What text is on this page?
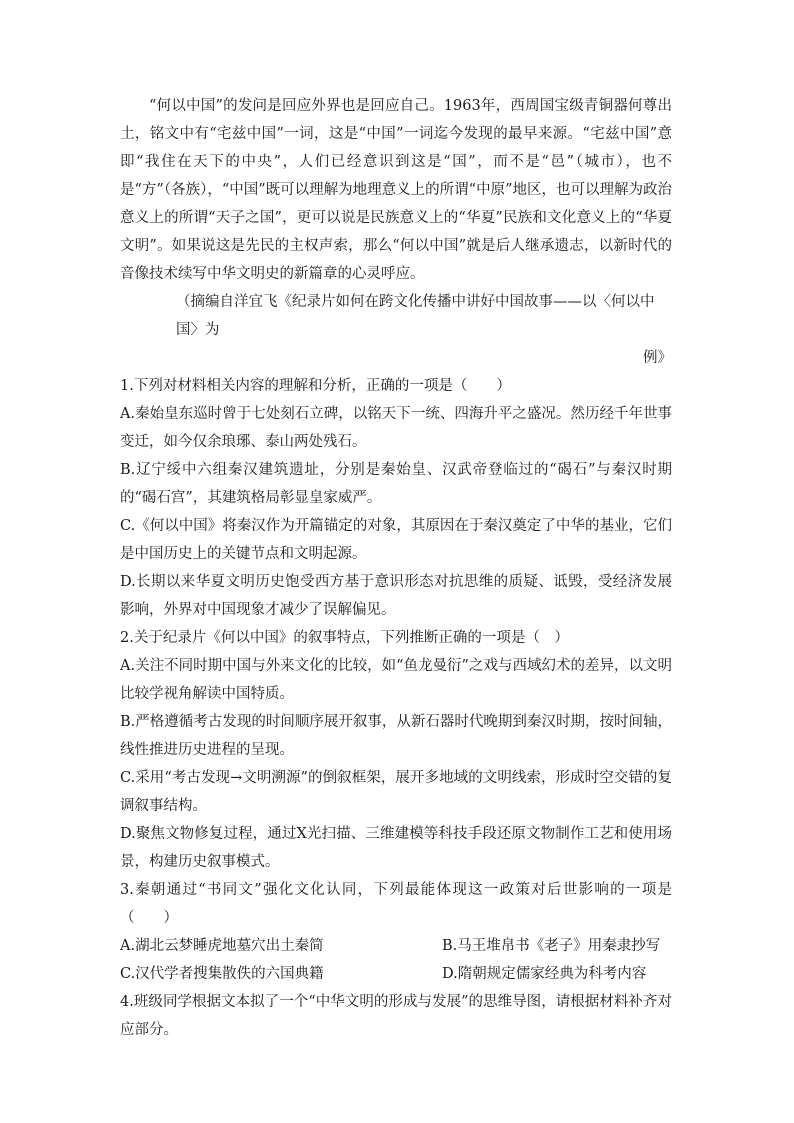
“何以中国”的发问是回应外界也是回应自己。1963年，西周国宝级青铜器何尊出土，铭文中有“宅兹中国”一词，这是“中国”一词迄今发现的最早来源。“宅兹中国”意即“我住在天下的中央”，人们已经意识到这是“国”，而不是“邑”（城市），也不是“方”（各族），“中国”既可以理解为地理意义上的所谓“中原”地区，也可以理解为政治意义上的所谓“天子之国”，更可以说是民族意义上的“华夏”民族和文化意义上的“华夏文明”。如果说这是先民的主权声索，那么“何以中国”就是后人继承遗志，以新时代的音像技术续写中华文明史的新篇章的心灵呼应。

（摘编自洋宜飞《纪录片如何在跨文化传播中讲好中国故事——以〈何以中国〉为
例》

1.下列对材料相关内容的理解和分析，正确的一项是（　　）

A.秦始皇东巡时曾于七处刻石立碑，以铭天下一统、四海升平之盛况。然历经千年世事变迁，如今仅余琅琊、泰山两处残石。

B.辽宁绥中六组秦汉建筑遗址，分别是秦始皇、汉武帝登临过的“碣石”与秦汉时期的“碣石宫”，其建筑格局彰显皇家威严。

C.《何以中国》将秦汉作为开篇锚定的对象，其原因在于秦汉奠定了中华的基业，它们是中国历史上的关键节点和文明起源。

D.长期以来华夏文明历史饱受西方基于意识形态对抗思维的质疑、诋毁，受经济发展影响，外界对中国现象才减少了误解偏见。

2.关于纪录片《何以中国》的叙事特点，下列推断正确的一项是（　）

A.关注不同时期中国与外来文化的比较，如“鱼龙曼衍”之戏与西域幻术的差异，以文明比较学视角解读中国特质。

B.严格遵循考古发现的时间顺序展开叙事，从新石器时代晚期到秦汉时期，按时间轴，线性推进历史进程的呈现。

C.采用“考古发现→文明溯源”的倒叙框架，展开多地域的文明线索，形成时空交错的复调叙事结构。

D.聚焦文物修复过程，通过X光扫描、三维建模等科技手段还原文物制作工艺和使用场景，构建历史叙事模式。

3.秦朝通过“书同文”强化文化认同，下列最能体现这一政策对后世影响的一项是（　　）

A.湖北云梦睡虎地墓穴出土秦简	B.马王堆帛书《老子》用秦隶抄写
C.汉代学者搜集散佚的六国典籍	D.隋朝规定儒家经典为科考内容

4.班级同学根据文本拟了一个“中华文明的形成与发展”的思维导图，请根据材料补齐对应部分。
